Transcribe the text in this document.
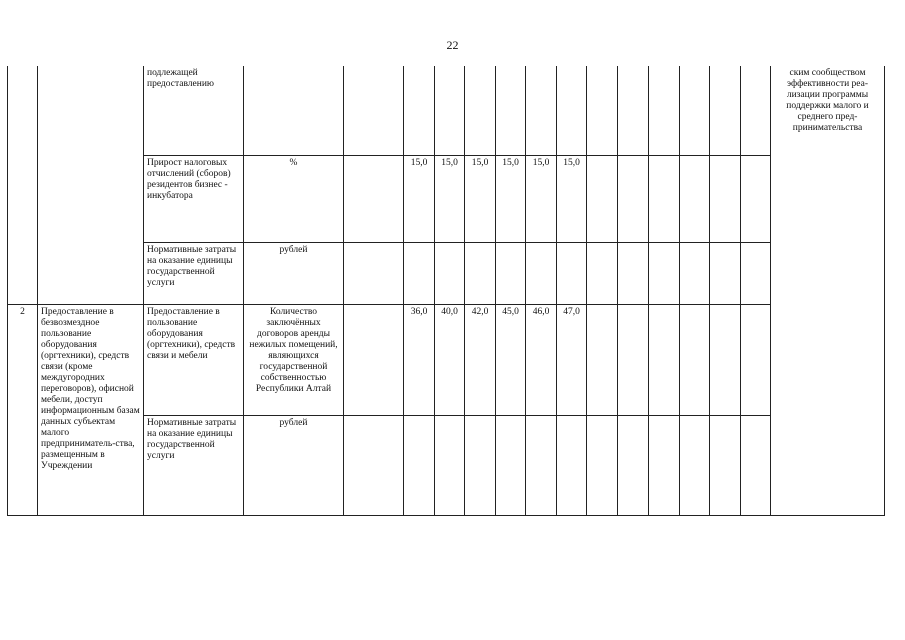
22
		подлежащей предоставлению															ским сообществом эффективности реа-лизации программы поддержки малого и среднего пред-принимательства
		Прирост налоговых отчислений (сборов) резидентов бизнес - инкубатора	%		15,0	15,0	15,0	15,0	15,0	15,0							
		Нормативные затраты на оказание единицы государственной услуги	рублей														
2	Предоставление в безвозмездное пользование оборудования (оргтехники), средств связи (кроме междугородних переговоров), офисной мебели, доступ информационным базам данных субъектам малого предприниматель-ства, размещенным в Учреждении	Предоставление в пользование оборудования (оргтехники), средств связи и мебели	Количество заключённых договоров аренды нежилых помещений, являющихся государственной собственностью Республики Алтай		36,0	40,0	42,0	45,0	46,0	47,0							
		Нормативные затраты на оказание единицы государственной услуги	рублей														
